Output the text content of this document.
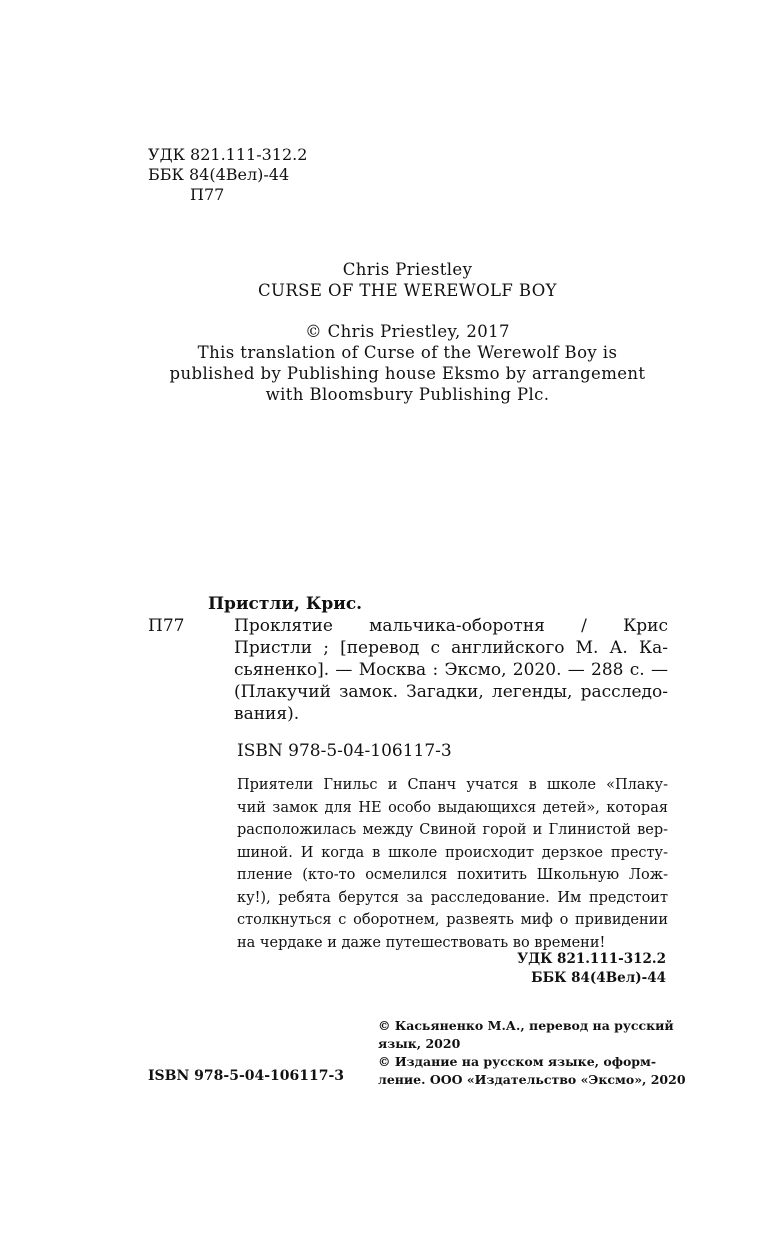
УДК 821.111-312.2
ББК 84(4Вел)-44
П77
Chris Priestley
CURSE OF THE WEREWOLF BOY
© Chris Priestley, 2017
This translation of Curse of the Werewolf Boy is
published by Publishing house Eksmo by arrangement
with Bloomsbury Publishing Plc.
Пристли, Крис.
П77	Проклятие мальчика-оборотня / Крис
Пристли ; [перевод с английского М. А. Ка-
сьяненко]. — Москва : Эксмо, 2020. — 288 с. —
(Плакучий замок. Загадки, легенды, расследо-
вания).
ISBN 978-5-04-106117-3
Приятели Гнильс и Спанч учатся в школе «Плаку-
чий замок для НЕ особо выдающихся детей», которая
расположилась между Свиной горой и Глинистой вер-
шиной. И когда в школе происходит дерзкое престу-
пление (кто-то осмелился похитить Школьную Лож-
ку!), ребята берутся за расследование. Им предстоит
столкнуться с оборотнем, развеять миф о привидении
на чердаке и даже путешествовать во времени!
УДК 821.111-312.2
ББК 84(4Вел)-44
© Касьяненко М.А., перевод на русский
язык, 2020
© Издание на русском языке, оформ-
ление. ООО «Издательство «Эксмо», 2020
ISBN 978-5-04-106117-3
